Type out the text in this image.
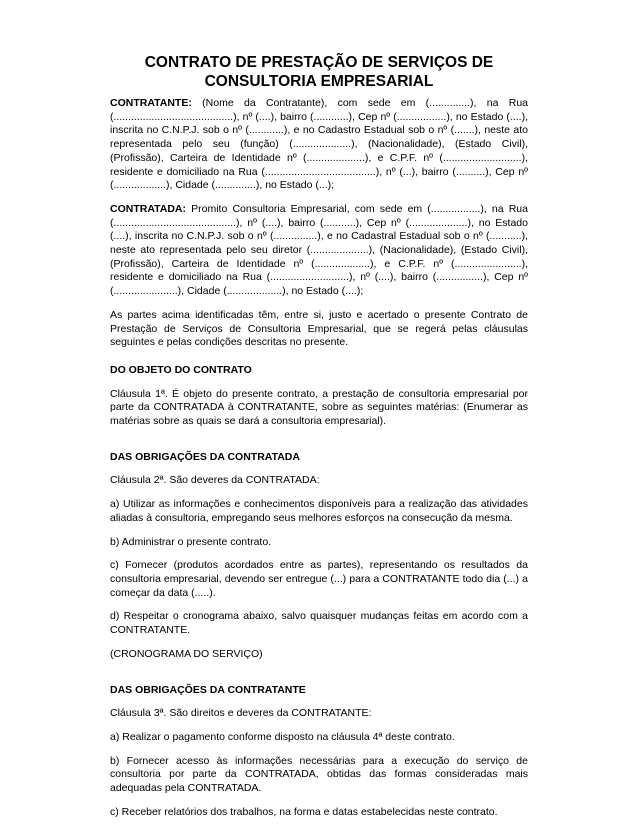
CONTRATO DE PRESTAÇÃO DE SERVIÇOS DE
CONSULTORIA EMPRESARIAL

CONTRATANTE: (Nome da Contratante), com sede em (..............), na Rua (.........................................), nº (....), bairro (............), Cep nº (.................), no Estado (....), inscrita no C.N.P.J. sob o nº (............), e no Cadastro Estadual sob o nº (.......), neste ato representada pelo seu (função) (....................), (Nacionalidade), (Estado Civil), (Profissão), Carteira de Identidade nº (....................), e C.P.F. nº (...........................), residente e domiciliado na Rua (......................................), nº (...), bairro (..........), Cep nº (..................), Cidade (..............), no Estado (...);

CONTRATADA: Promito Consultoria Empresarial, com sede em (.................), na Rua (..........................................), nº (....), bairro (...........), Cep nº (....................), no Estado (....), inscrita no C.N.P.J. sob o nº (...............), e no Cadastral Estadual sob o nº (...........), neste ato representada pelo seu diretor (....................), (Nacionalidade), (Estado Civil), (Profissão), Carteira de Identidade nº (...................), e C.P.F. nº (.......................), residente e domiciliado na Rua (...........................), nº (....), bairro (................), Cep nº (......................), Cidade (...................), no Estado (....);

As partes acima identificadas têm, entre si, justo e acertado o presente Contrato de Prestação de Serviços de Consultoria Empresarial, que se regerá pelas cláusulas seguintes e pelas condições descritas no presente.

DO OBJETO DO CONTRATO

Cláusula 1ª. É objeto do presente contrato, a prestação de consultoria empresarial por parte da CONTRATADA à CONTRATANTE, sobre as seguintes matérias: (Enumerar as matérias sobre as quais se dará a consultoria empresarial).

DAS OBRIGAÇÕES DA CONTRATADA

Cláusula 2ª. São deveres da CONTRATADA:

a) Utilizar as informações e conhecimentos disponíveis para a realização das atividades aliadas à consultoria, empregando seus melhores esforços na consecução da mesma.

b) Administrar o presente contrato.

c) Fornecer (produtos acordados entre as partes), representando os resultados da consultoria empresarial, devendo ser entregue (...) para a CONTRATANTE todo dia (...) a começar da data (.....).

d) Respeitar o cronograma abaixo, salvo quaisquer mudanças feitas em acordo com a CONTRATANTE.

(CRONOGRAMA DO SERVIÇO)

DAS OBRIGAÇÕES DA CONTRATANTE

Cláusula 3ª. São direitos e deveres da CONTRATANTE:

a) Realizar o pagamento conforme disposto na cláusula 4ª deste contrato.

b) Fornecer acesso às informações necessárias para a execução do serviço de consultoria por parte da CONTRATADA, obtidas das formas consideradas mais adequadas pela CONTRATADA.

c) Receber relatórios dos trabalhos, na forma e datas estabelecidas neste contrato.
